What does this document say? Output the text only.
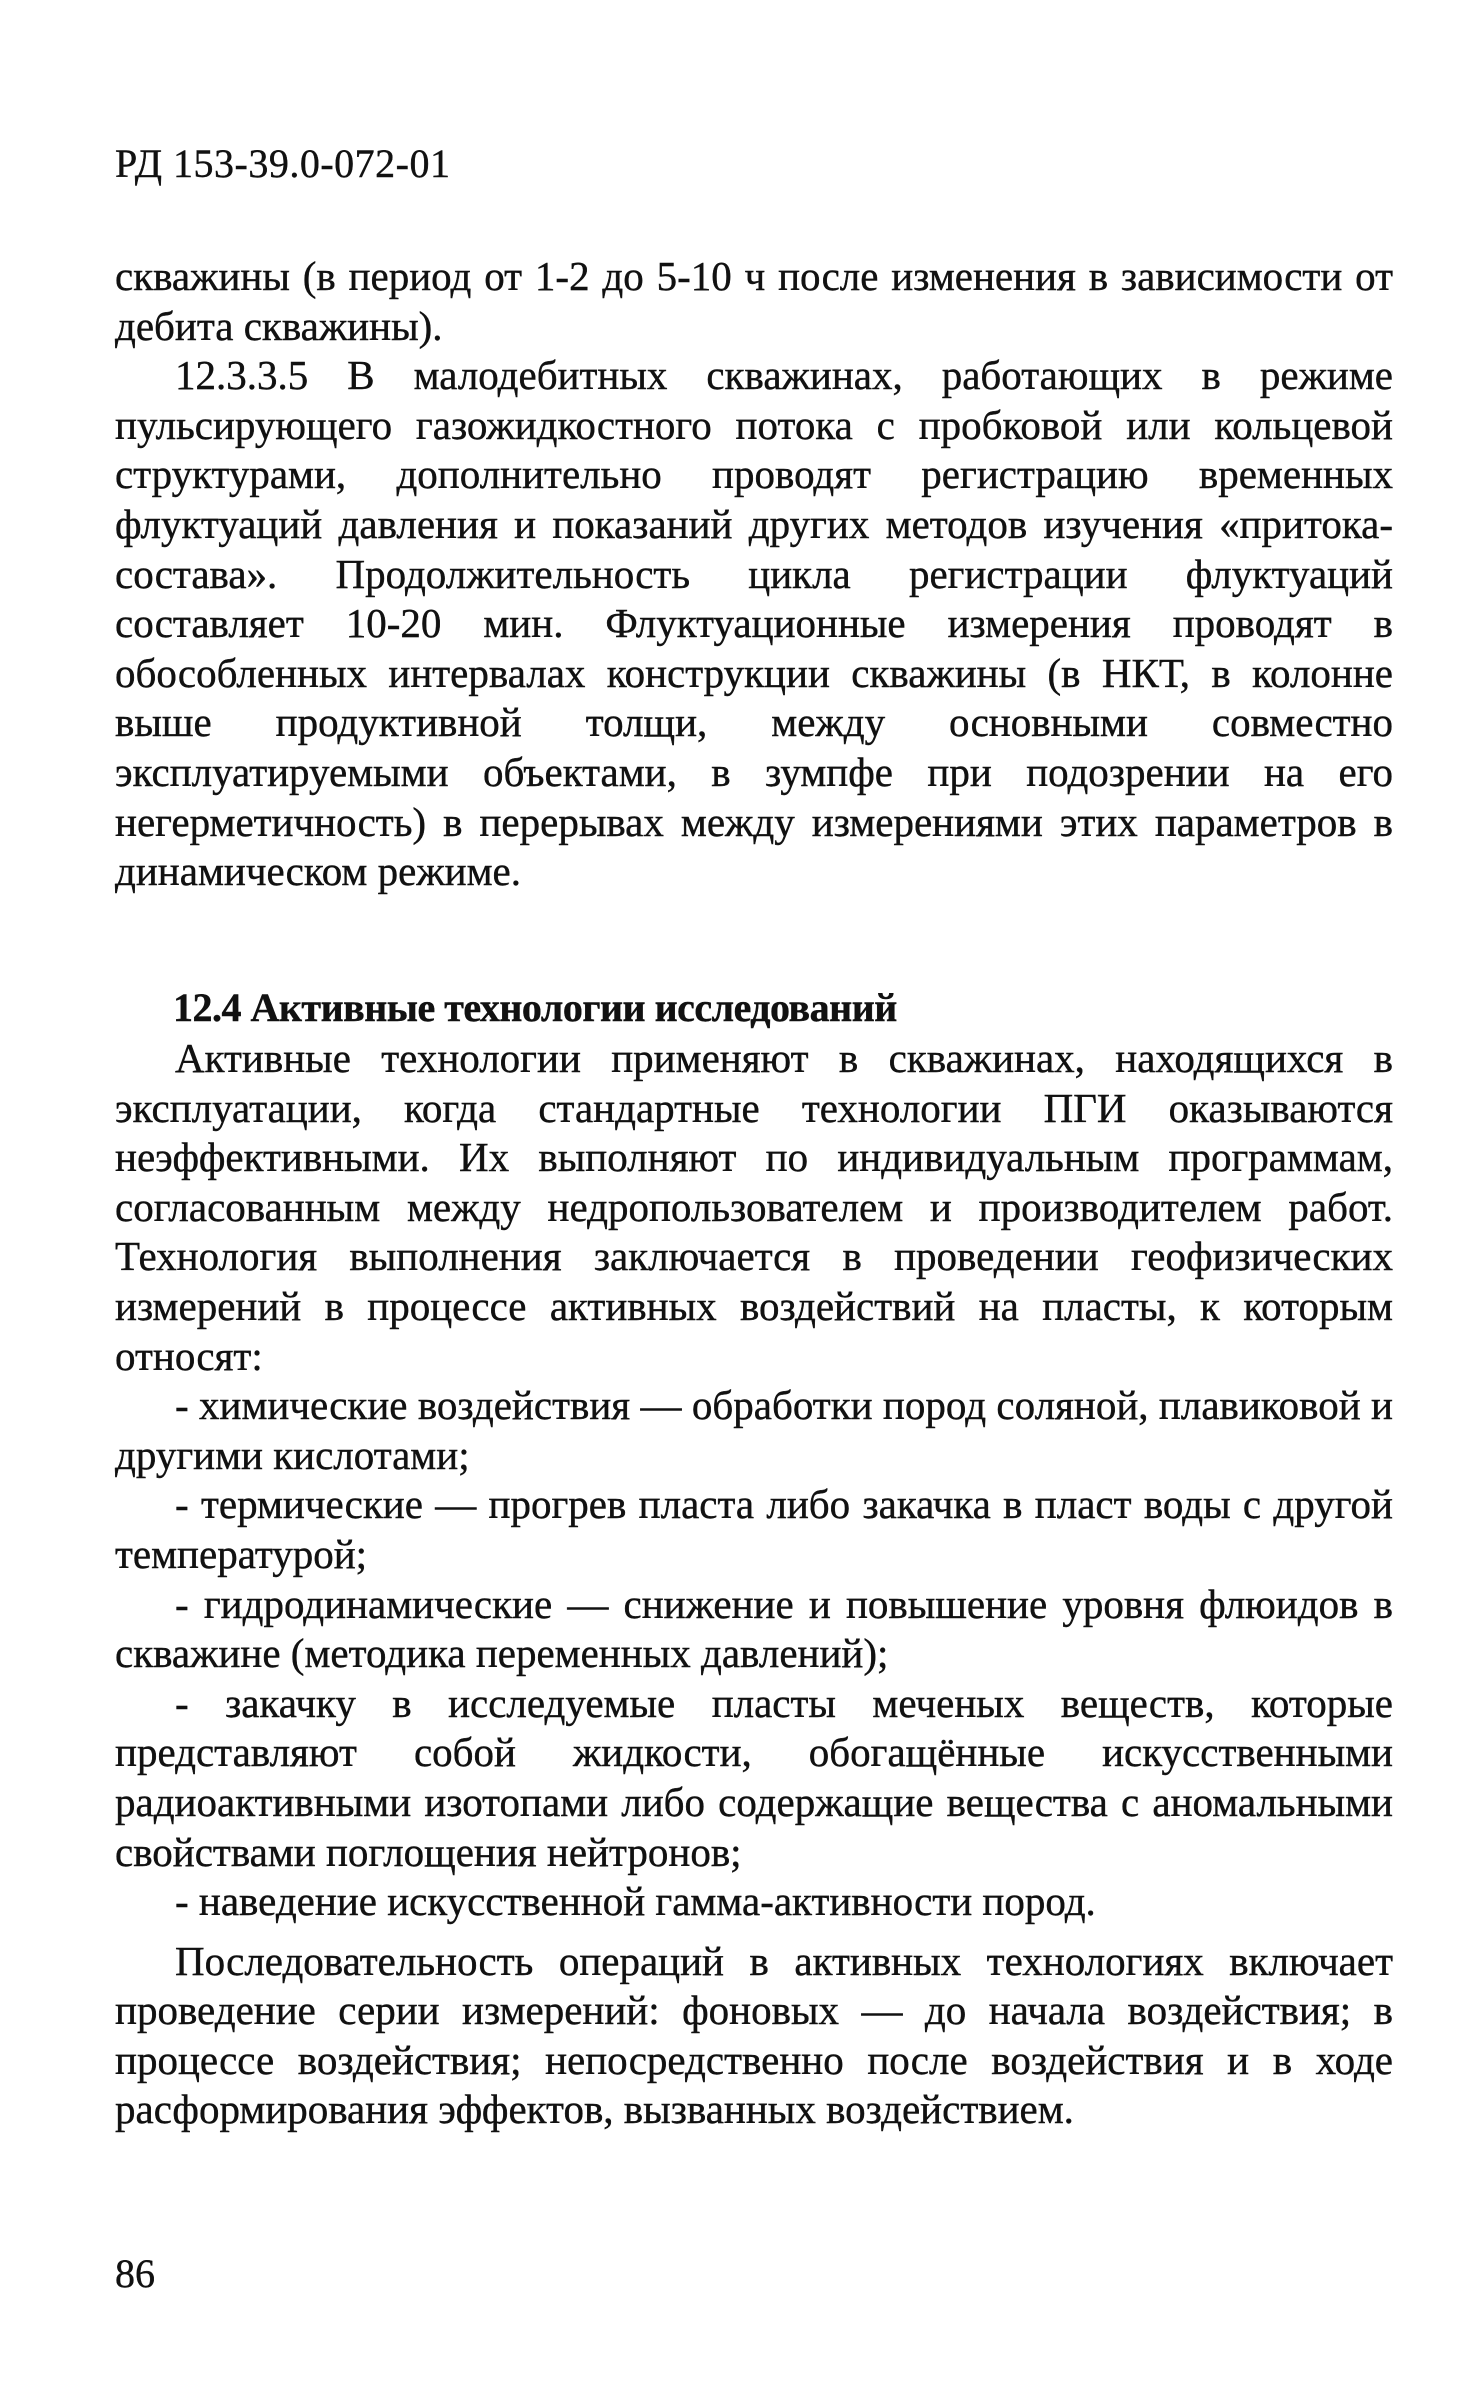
РД 153-39.0-072-01

скважины (в период от 1-2 до 5-10 ч после изменения в зависимости от дебита скважины).

12.3.3.5 В малодебитных скважинах, работающих в режиме пульсирующего газожидкостного потока с пробковой или кольцевой структурами, дополнительно проводят регистрацию временных флуктуаций давления и показаний других методов изучения «притока-состава». Продолжительность цикла регистрации флуктуаций составляет 10-20 мин. Флуктуационные измерения проводят в обособленных интервалах конструкции скважины (в НКТ, в колонне выше продуктивной толщи, между основными совместно эксплуатируемыми объектами, в зумпфе при подозрении на его негерметичность) в перерывах между измерениями этих параметров в динамическом режиме.

12.4 Активные технологии исследований

Активные технологии применяют в скважинах, находящихся в эксплуатации, когда стандартные технологии ПГИ оказываются неэффективными. Их выполняют по индивидуальным программам, согласованным между недропользователем и производителем работ. Технология выполнения заключается в проведении геофизических измерений в процессе активных воздействий на пласты, к которым относят:

- химические воздействия — обработки пород соляной, плавиковой и другими кислотами;

- термические — прогрев пласта либо закачка в пласт воды с другой температурой;

- гидродинамические — снижение и повышение уровня флюидов в скважине (методика переменных давлений);

- закачку в исследуемые пласты меченых веществ, которые представляют собой жидкости, обогащённые искусственными радиоактивными изотопами либо содержащие вещества с аномальными свойствами поглощения нейтронов;

- наведение искусственной гамма-активности пород.

Последовательность операций в активных технологиях включает проведение серии измерений: фоновых — до начала воздействия; в процессе воздействия; непосредственно после воздействия и в ходе расформирования эффектов, вызванных воздействием.

86
